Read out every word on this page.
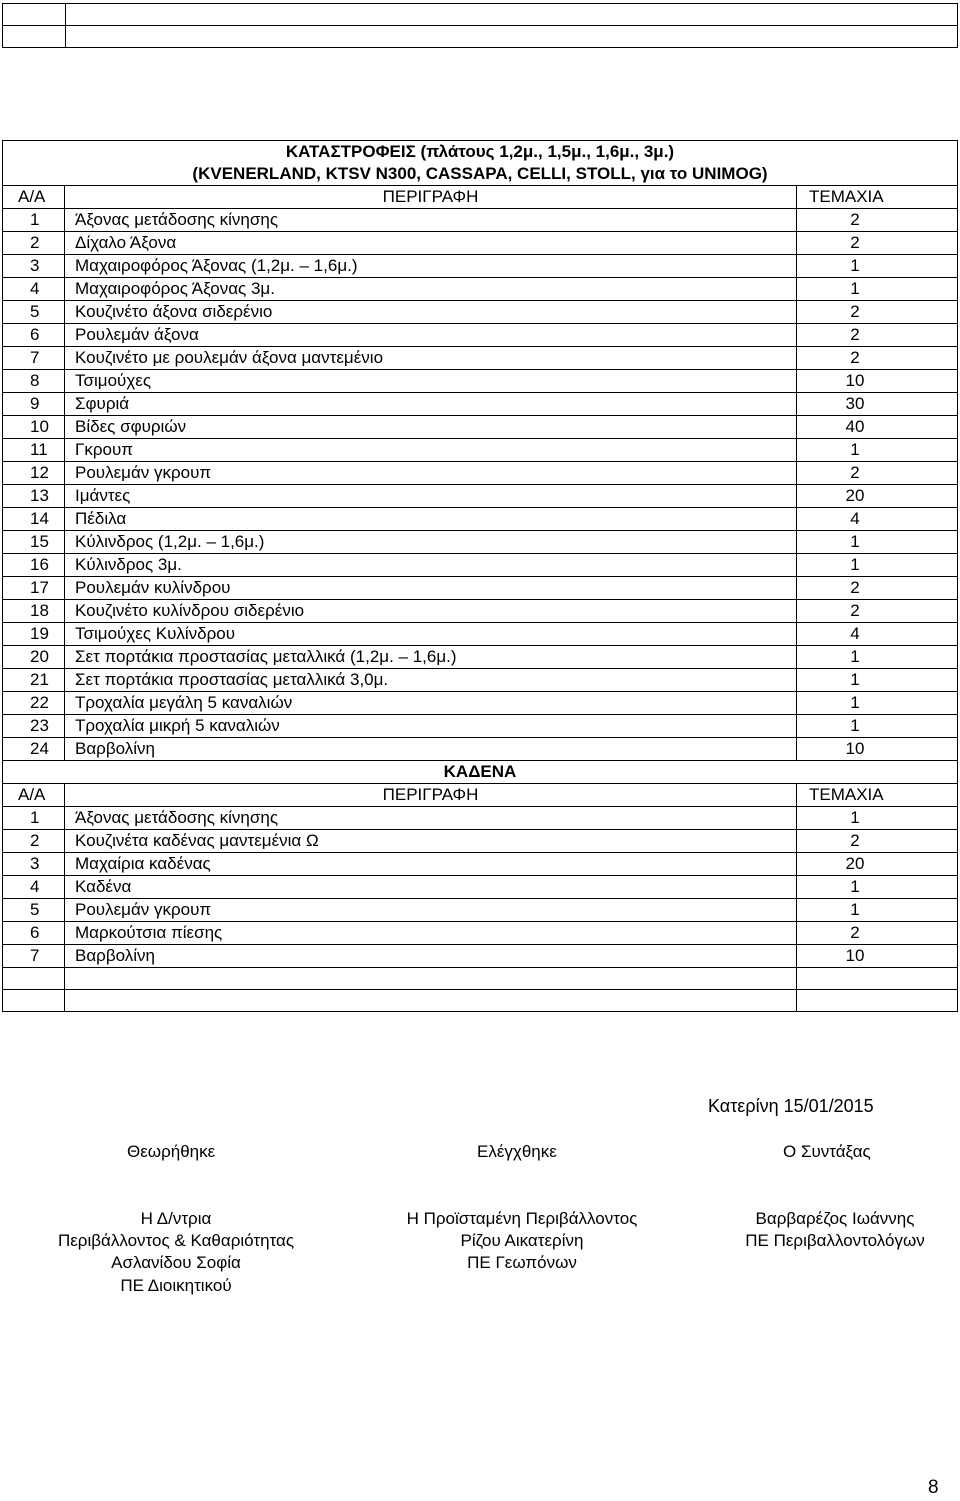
ΚΑΤΑΣΤΡΟΦΕΙΣ (πλάτους 1,2μ., 1,5μ., 1,6μ., 3μ.)		
(KVENERLAND, KTSV N300, CASSAPA, CELLI, STOLL, για το UNIMOG)		
Α/Α	ΠΕΡΙΓΡΑΦΗ	ΤΕΜΑΧΙΑ
1	Άξονας μετάδοσης κίνησης	2
2	Δίχαλο Άξονα	2
3	Μαχαιροφόρος Άξονας (1,2μ. – 1,6μ.)	1
4	Μαχαιροφόρος Άξονας 3μ.	1
5	Κουζινέτο άξονα σιδερένιο	2
6	Ρουλεμάν άξονα	2
7	Κουζινέτο με ρουλεμάν άξονα μαντεμένιο	2
8	Τσιμούχες	10
9	Σφυριά	30
10	Βίδες σφυριών	40
11	Γκρουπ	1
12	Ρουλεμάν γκρουπ	2
13	Ιμάντες	20
14	Πέδιλα	4
15	Κύλινδρος (1,2μ. – 1,6μ.)	1
16	Κύλινδρος 3μ.	1
17	Ρουλεμάν κυλίνδρου	2
18	Κουζινέτο κυλίνδρου σιδερένιο	2
19	Τσιμούχες Κυλίνδρου	4
20	Σετ πορτάκια προστασίας μεταλλικά (1,2μ. – 1,6μ.)	1
21	Σετ πορτάκια προστασίας μεταλλικά 3,0μ.	1
22	Τροχαλία μεγάλη 5 καναλιών	1
23	Τροχαλία μικρή 5 καναλιών	1
24	Βαρβολίνη	10
ΚΑΔΕΝΑ		
Α/Α	ΠΕΡΙΓΡΑΦΗ	ΤΕΜΑΧΙΑ
1	Άξονας μετάδοσης κίνησης	1
2	Κουζινέτα καδένας μαντεμένια Ω	2
3	Μαχαίρια καδένας	20
4	Καδένα	1
5	Ρουλεμάν γκρουπ	1
6	Μαρκούτσια πίεσης	2
7	Βαρβολίνη	10

Κατερίνη 15/01/2015
Θεωρήθηκε	Ελέγχθηκε	Ο Συντάξας
Η Δ/ντρια
Περιβάλλοντος & Καθαριότητας
Ασλανίδου Σοφία
ΠΕ Διοικητικού
Η Προϊσταμένη Περιβάλλοντος
Ρίζου Αικατερίνη
ΠΕ Γεωπόνων
Βαρβαρέζος Ιωάννης
ΠΕ Περιβαλλοντολόγων
8
